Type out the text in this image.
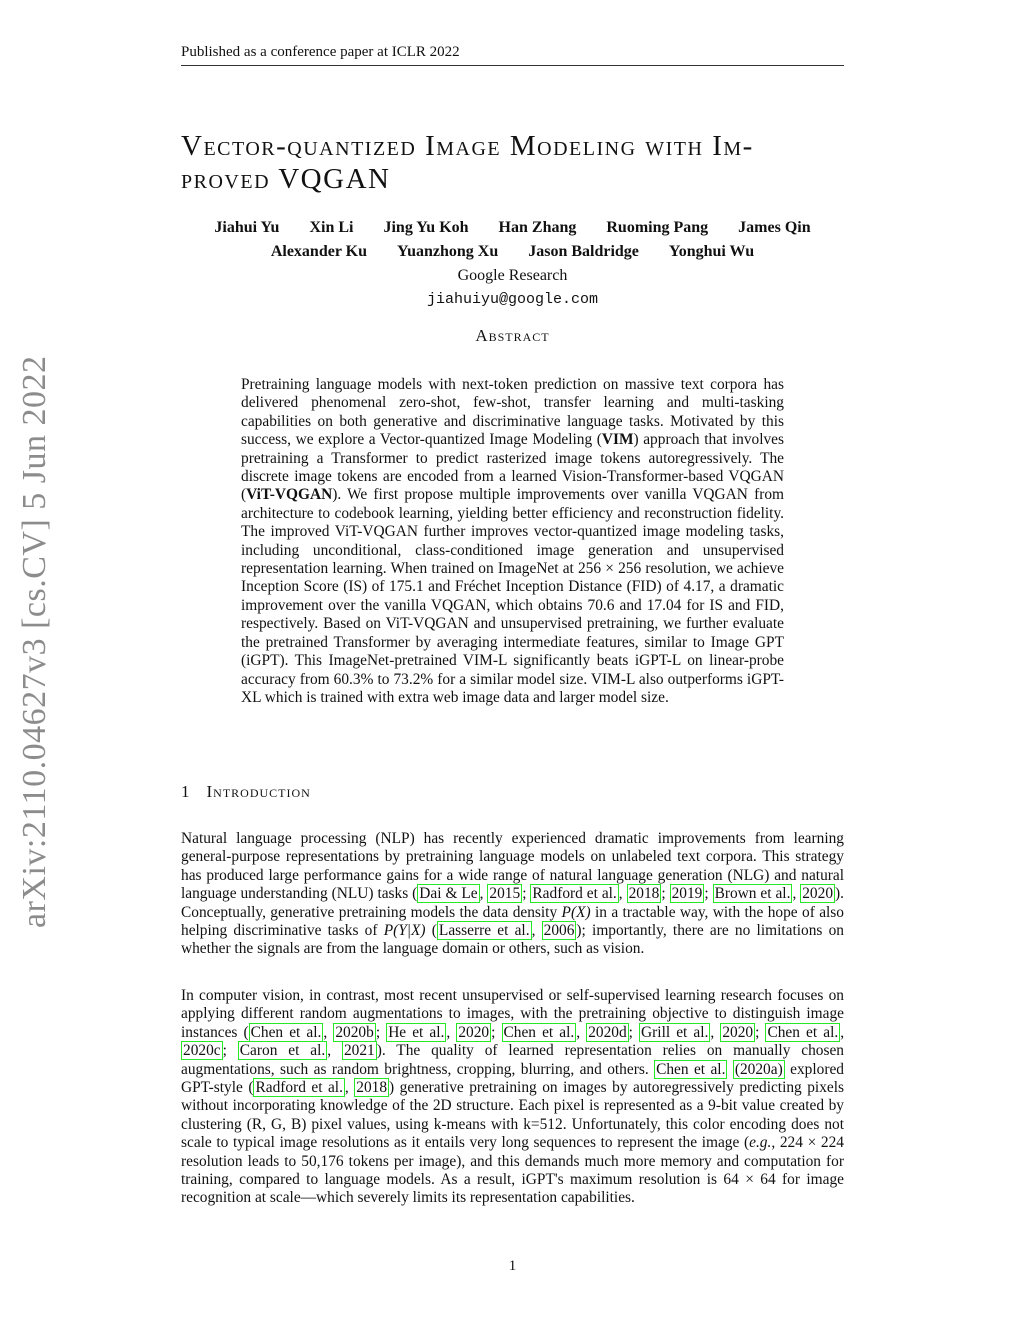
Published as a conference paper at ICLR 2022
arXiv:2110.04627v3 [cs.CV] 5 Jun 2022
Vector-quantized Image Modeling with Im-
proved VQGAN
Jiahui Yu Xin Li Jing Yu Koh Han Zhang Ruoming Pang James Qin
Alexander Ku Yuanzhong Xu Jason Baldridge Yonghui Wu
Google Research
jiahuiyu@google.com
Abstract
Pretraining language models with next-token prediction on massive text corpora has delivered phenomenal zero-shot, few-shot, transfer learning and multi-tasking capabilities on both generative and discriminative language tasks. Motivated by this success, we explore a Vector-quantized Image Modeling (VIM) approach that involves pretraining a Transformer to predict rasterized image tokens autoregressively. The discrete image tokens are encoded from a learned Vision-Transformer-based VQGAN (ViT-VQGAN). We first propose multiple improvements over vanilla VQGAN from architecture to codebook learning, yielding better efficiency and reconstruction fidelity. The improved ViT-VQGAN further improves vector-quantized image modeling tasks, including unconditional, class-conditioned image generation and unsupervised representation learning. When trained on ImageNet at 256 × 256 resolution, we achieve Inception Score (IS) of 175.1 and Fréchet Inception Distance (FID) of 4.17, a dramatic improvement over the vanilla VQGAN, which obtains 70.6 and 17.04 for IS and FID, respectively. Based on ViT-VQGAN and unsupervised pretraining, we further evaluate the pretrained Transformer by averaging intermediate features, similar to Image GPT (iGPT). This ImageNet-pretrained VIM-L significantly beats iGPT-L on linear-probe accuracy from 60.3% to 73.2% for a similar model size. VIM-L also outperforms iGPT-XL which is trained with extra web image data and larger model size.
1 Introduction
Natural language processing (NLP) has recently experienced dramatic improvements from learning general-purpose representations by pretraining language models on unlabeled text corpora. This strategy has produced large performance gains for a wide range of natural language generation (NLG) and natural language understanding (NLU) tasks ( Dai & Le , 2015 ; Radford et al. , 2018 ; 2019 ; Brown et al. , 2020 ). Conceptually, generative pretraining models the data density P(X) in a tractable way, with the hope of also helping discriminative tasks of P(Y|X) ( Lasserre et al. , 2006 ); importantly, there are no limitations on whether the signals are from the language domain or others, such as vision.
In computer vision, in contrast, most recent unsupervised or self-supervised learning research focuses on applying different random augmentations to images, with the pretraining objective to distinguish image instances ( Chen et al. , 2020b ; He et al. , 2020 ; Chen et al. , 2020d ; Grill et al. , 2020 ; Chen et al. , 2020c ; Caron et al. , 2021 ). The quality of learned representation relies on manually chosen augmentations, such as random brightness, cropping, blurring, and others. Chen et al. (2020a) explored GPT-style ( Radford et al. , 2018 ) generative pretraining on images by autoregressively predicting pixels without incorporating knowledge of the 2D structure. Each pixel is represented as a 9-bit value created by clustering (R, G, B) pixel values, using k-means with k=512. Unfortunately, this color encoding does not scale to typical image resolutions as it entails very long sequences to represent the image (e.g., 224 × 224 resolution leads to 50,176 tokens per image), and this demands much more memory and computation for training, compared to language models. As a result, iGPT's maximum resolution is 64 × 64 for image recognition at scale—which severely limits its representation capabilities.
1
